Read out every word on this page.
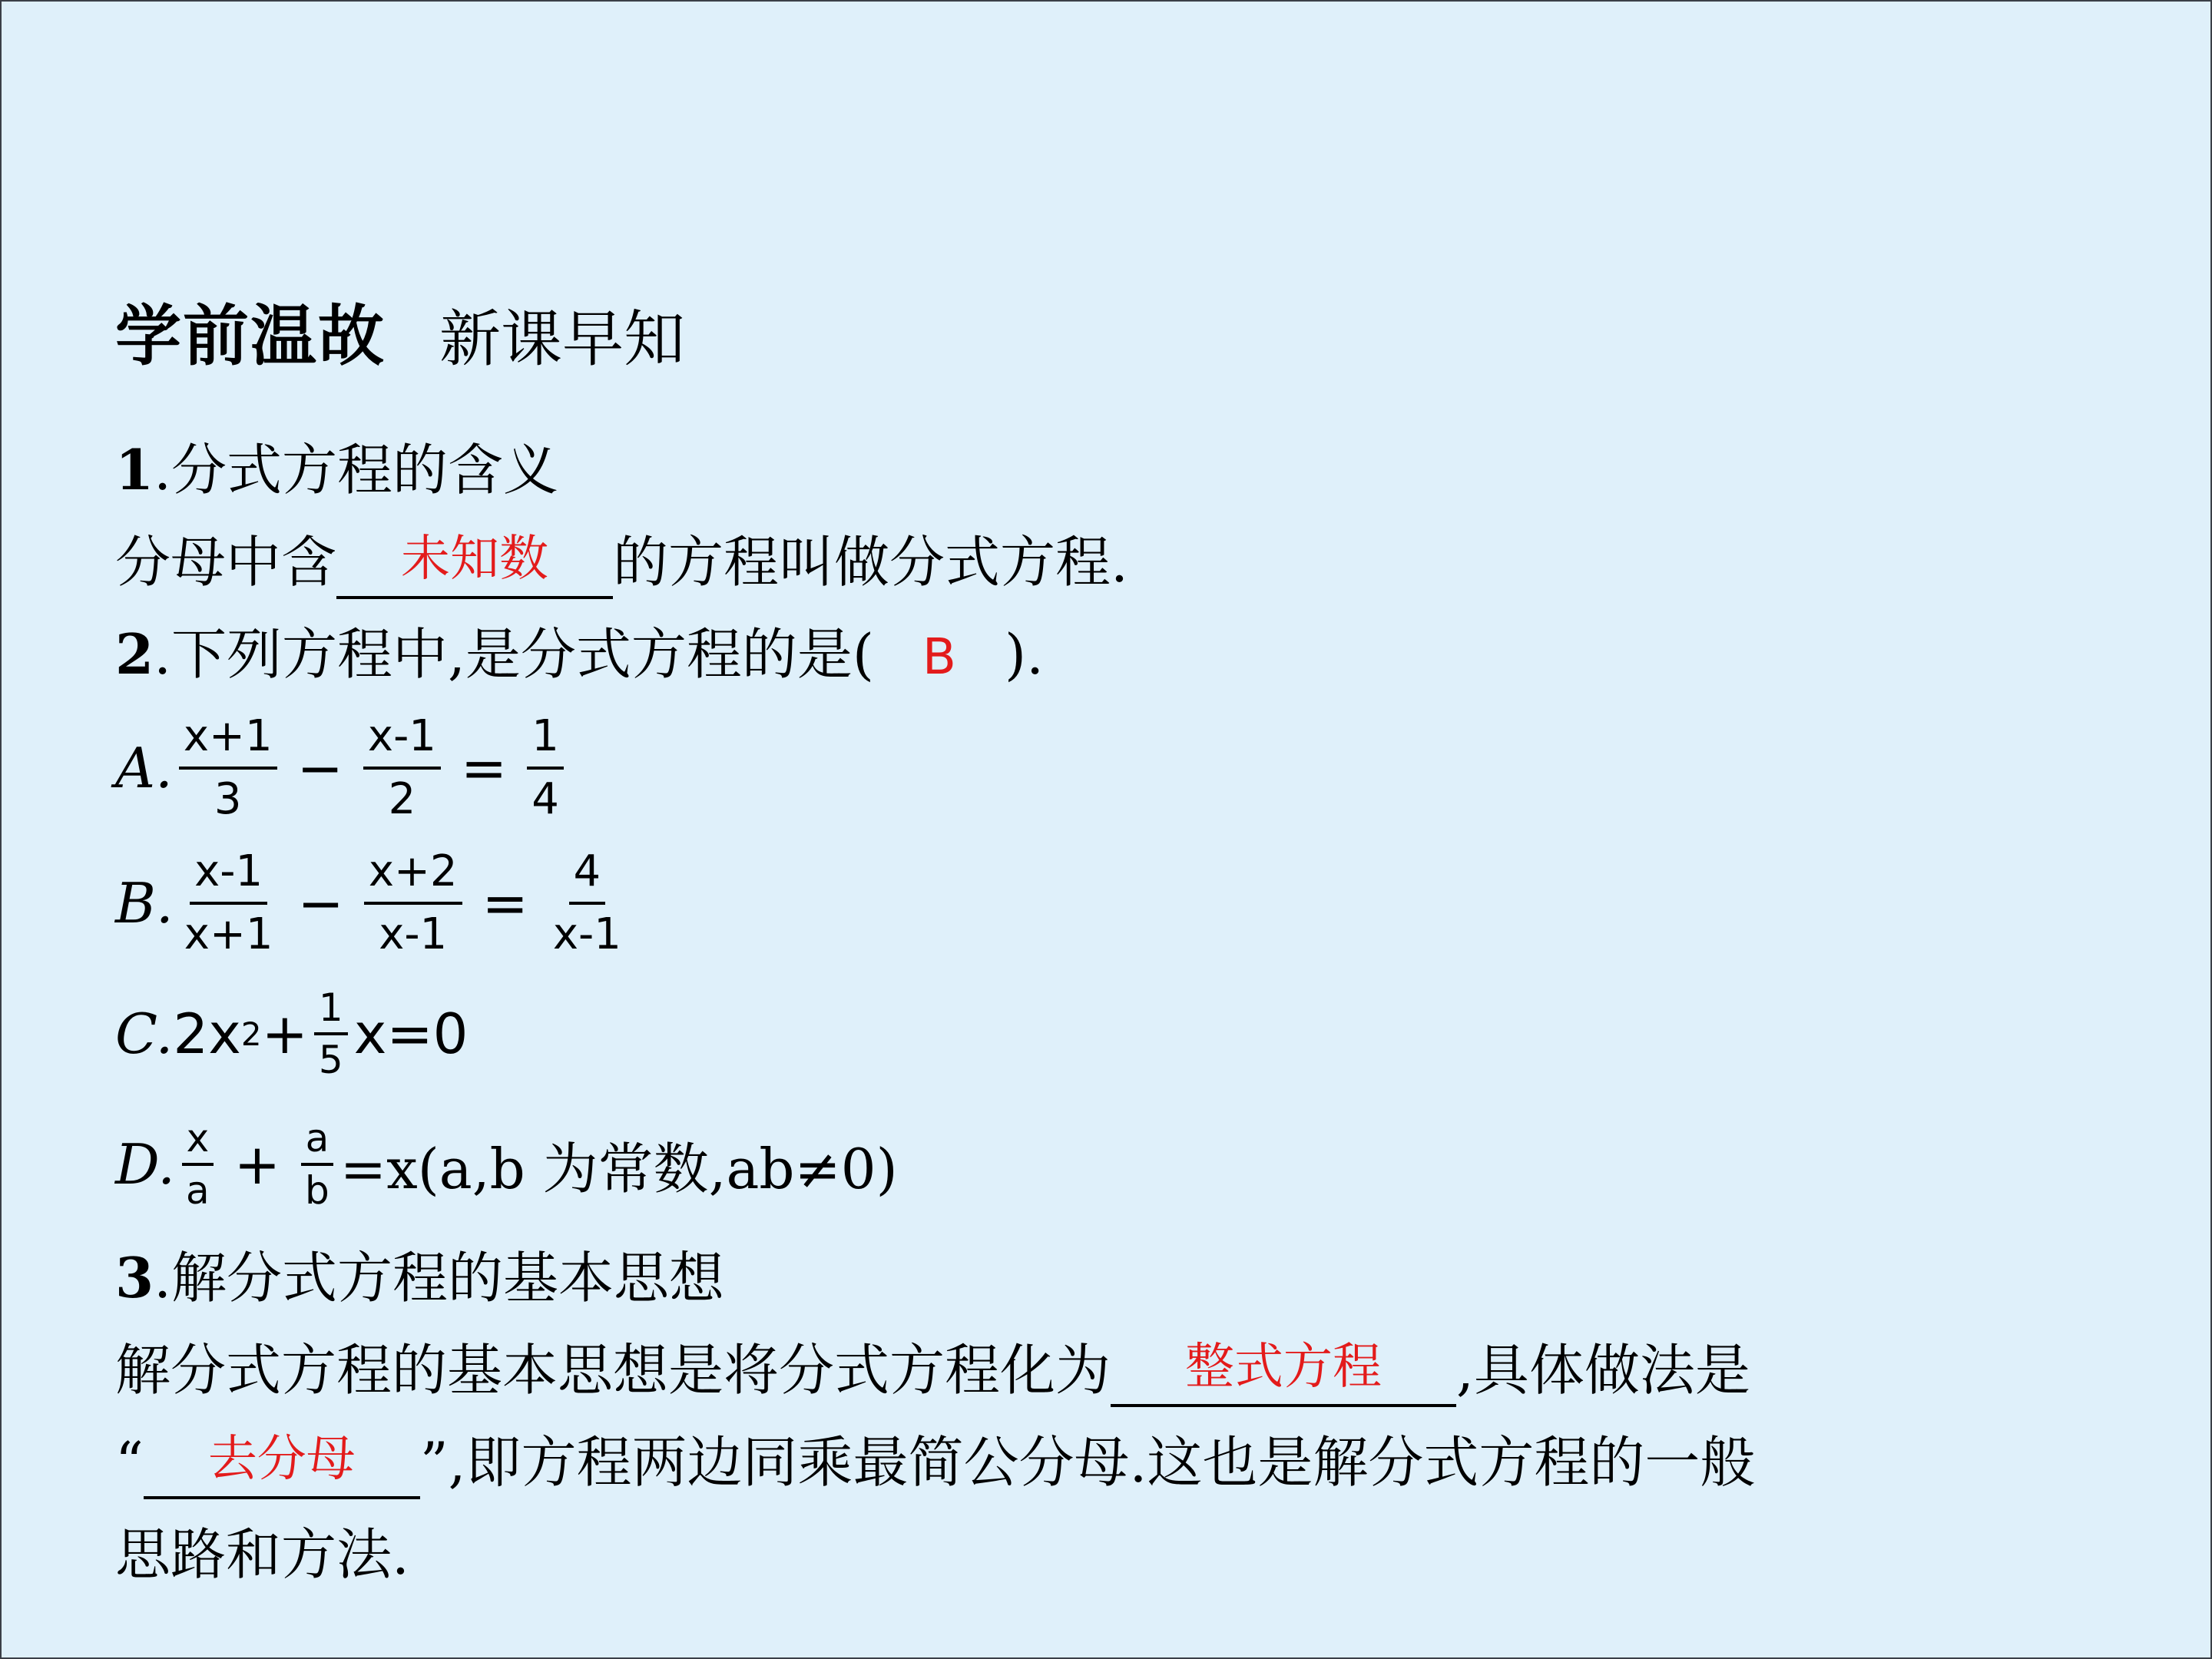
学前温故 新课早知
1.分式方程的含义
分母中含 未知数 的方程叫做分式方程.
2.下列方程中,是分式方程的是( B ).
A. $\frac{x+1}{3} - \frac{x-1}{2} = \frac{1}{4}$
B. $\frac{x-1}{x+1} - \frac{x+2}{x-1} = \frac{4}{x-1}$
C. 2x $2 + \frac{1}{5} x=0$
D. $\frac{x}{a} + \frac{a}{b} =x(a,b$ 为常数,ab≠0)
3.解分式方程的基本思想
解分式方程的基本思想是将分式方程化为 整式方程 ,具体做法是
“ 去分母 ”,即方程两边同乘最简公分母.这也是解分式方程的一般
思路和方法.
